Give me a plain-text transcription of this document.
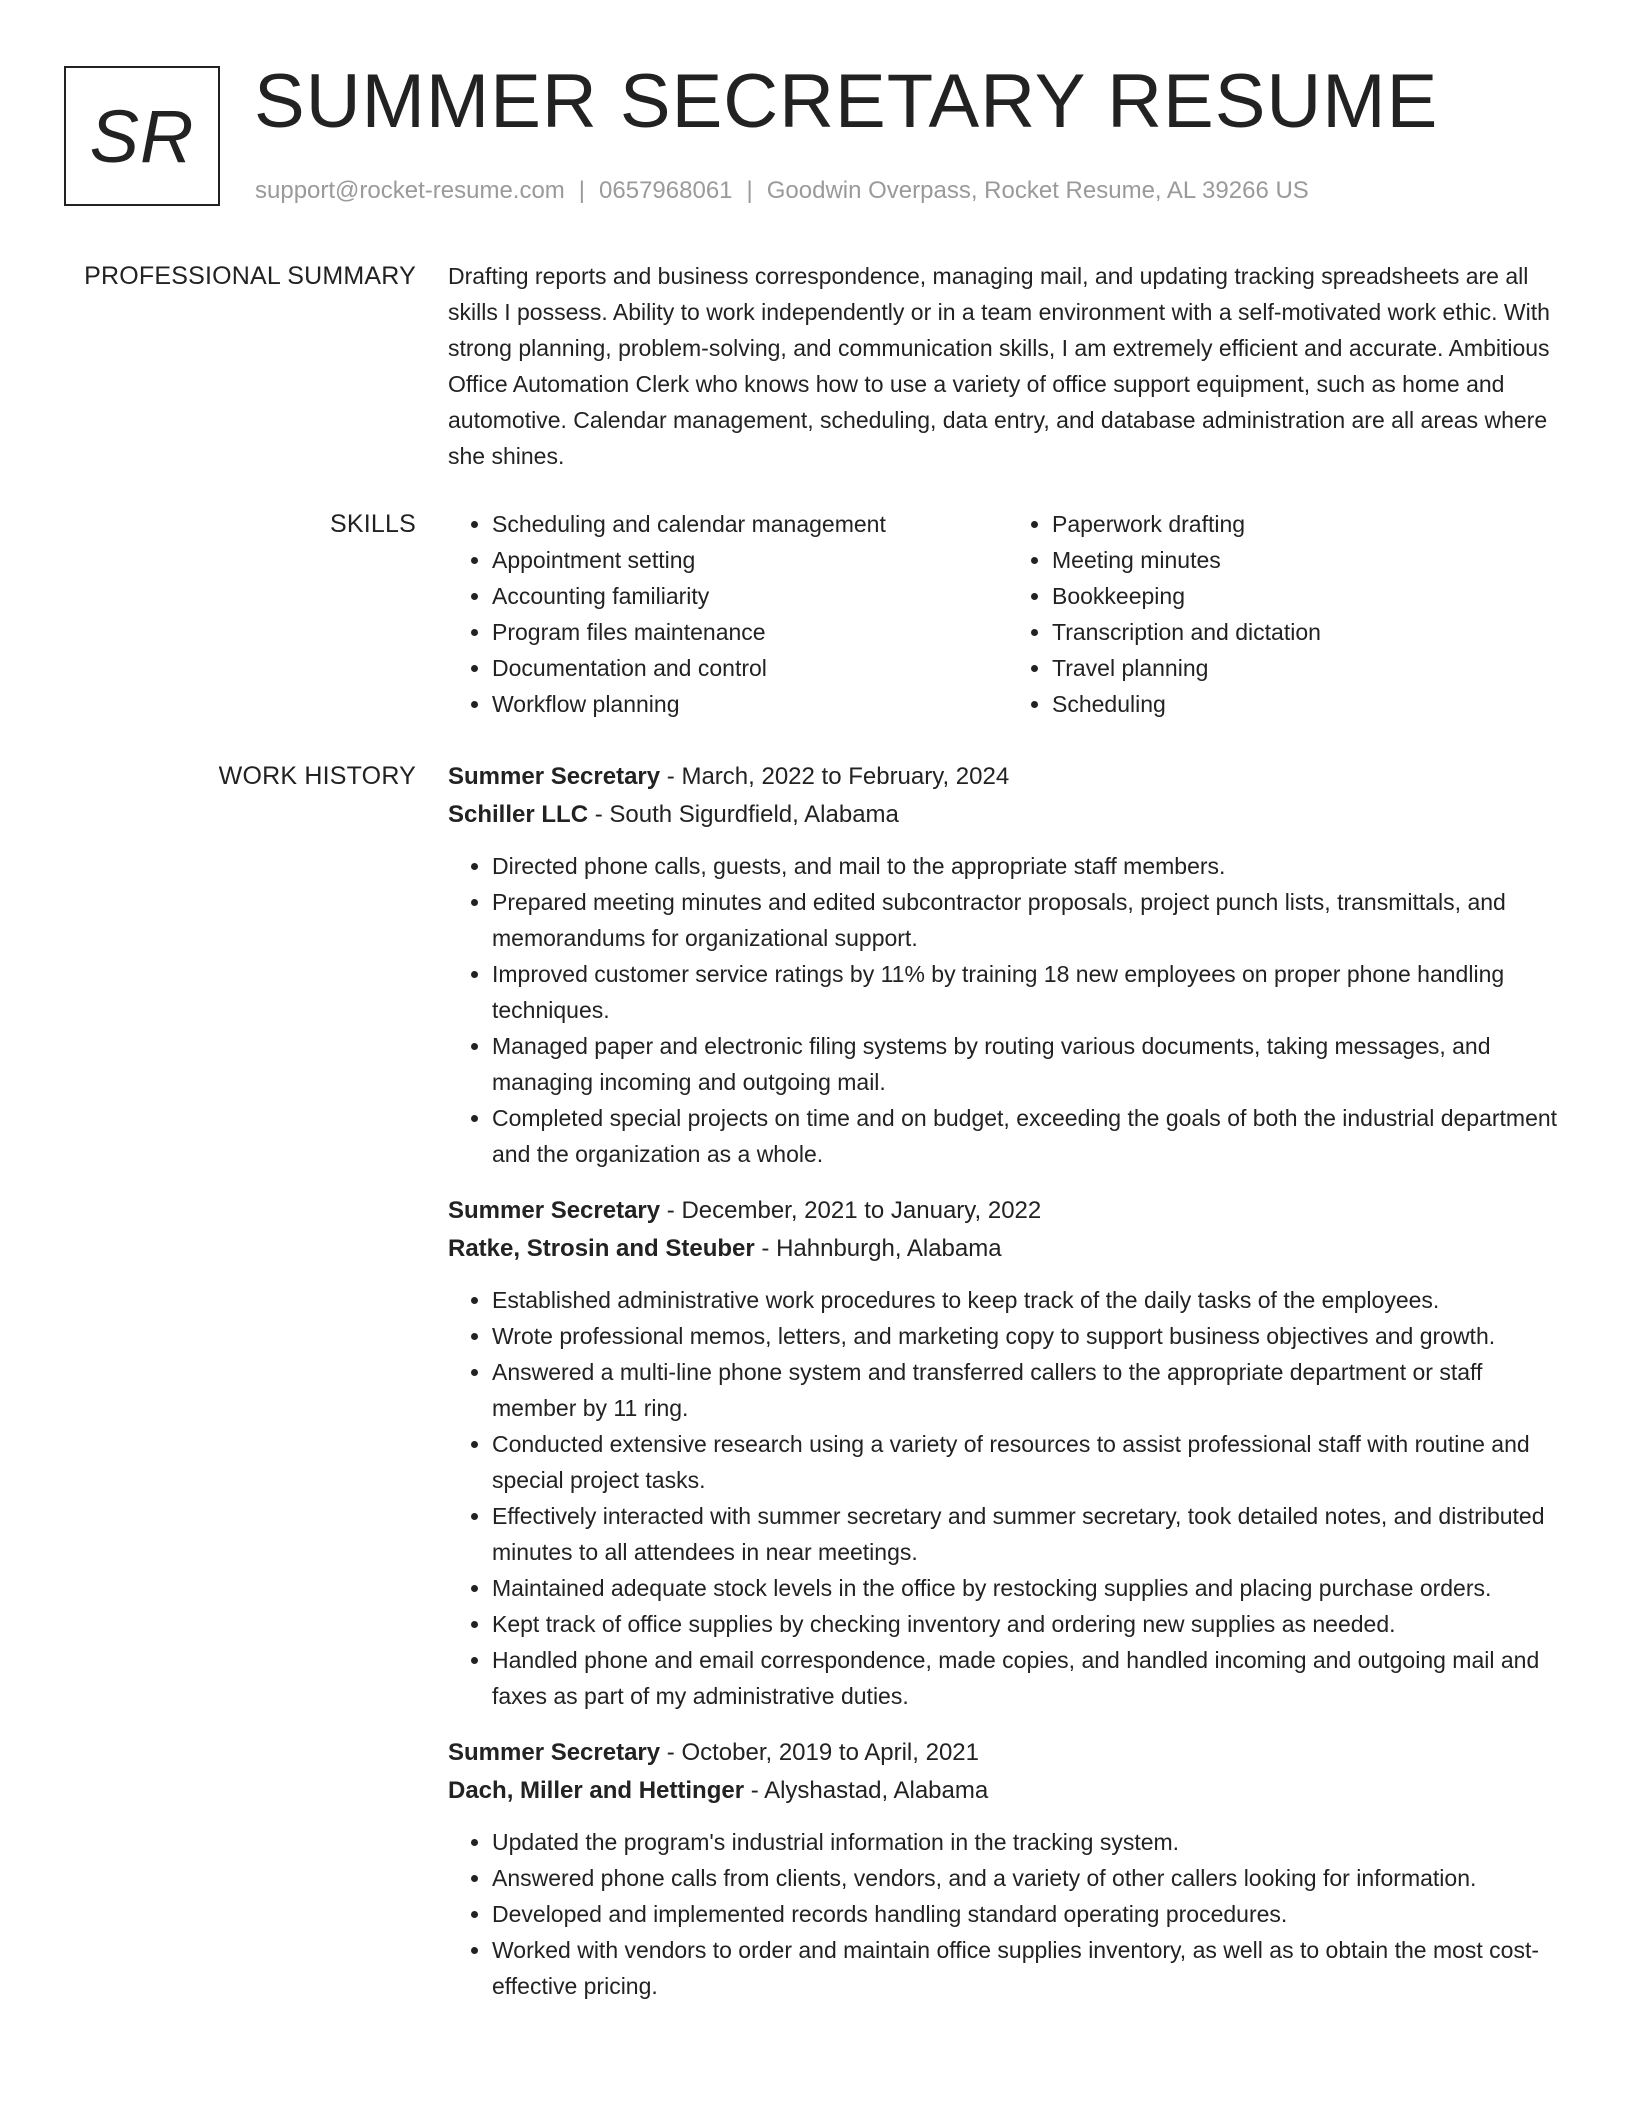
SR SUMMER SECRETARY RESUME
support@rocket-resume.com | 0657968061 | Goodwin Overpass, Rocket Resume, AL 39266 US
PROFESSIONAL SUMMARY Drafting reports and business correspondence, managing mail, and updating tracking spreadsheets are all skills I possess. Ability to work independently or in a team environment with a self-motivated work ethic. With strong planning, problem-solving, and communication skills, I am extremely efficient and accurate. Ambitious Office Automation Clerk who knows how to use a variety of office support equipment, such as home and automotive. Calendar management, scheduling, data entry, and database administration are all areas where she shines.

SKILLS
•	Scheduling and calendar management
• Appointment setting
• Accounting familiarity
• Program files maintenance
• Documentation and control
• Workflow planning
• Paperwork drafting
• Meeting minutes
• Bookkeeping
• Transcription and dictation
• Travel planning
• Scheduling
WORK HISTORY Summer Secretary - March, 2022 to February, 2024
Schiller LLC - South Sigurdfield, Alabama
• Directed phone calls, guests, and mail to the appropriate staff members.
• Prepared meeting minutes and edited subcontractor proposals, project punch lists, transmittals, and memorandums for organizational support.
• Improved customer service ratings by 11% by training 18 new employees on proper phone handling techniques.
• Managed paper and electronic filing systems by routing various documents, taking messages, and managing incoming and outgoing mail.
• Completed special projects on time and on budget, exceeding the goals of both the industrial department and the organization as a whole.
Summer Secretary - December, 2021 to January, 2022
Ratke, Strosin and Steuber - Hahnburgh, Alabama
• Established administrative work procedures to keep track of the daily tasks of the employees.
• Wrote professional memos, letters, and marketing copy to support business objectives and growth.
• Answered a multi-line phone system and transferred callers to the appropriate department or staff member by 11 ring.
• Conducted extensive research using a variety of resources to assist professional staff with routine and special project tasks.
• Effectively interacted with summer secretary and summer secretary, took detailed notes, and distributed minutes to all attendees in near meetings.
• Maintained adequate stock levels in the office by restocking supplies and placing purchase orders.
• Kept track of office supplies by checking inventory and ordering new supplies as needed.
• Handled phone and email correspondence, made copies, and handled incoming and outgoing mail and faxes as part of my administrative duties.
Summer Secretary - October, 2019 to April, 2021
Dach, Miller and Hettinger - Alyshastad, Alabama
• Updated the program's industrial information in the tracking system.
• Answered phone calls from clients, vendors, and a variety of other callers looking for information.
• Developed and implemented records handling standard operating procedures.
• Worked with vendors to order and maintain office supplies inventory, as well as to obtain the most cost-effective pricing.
